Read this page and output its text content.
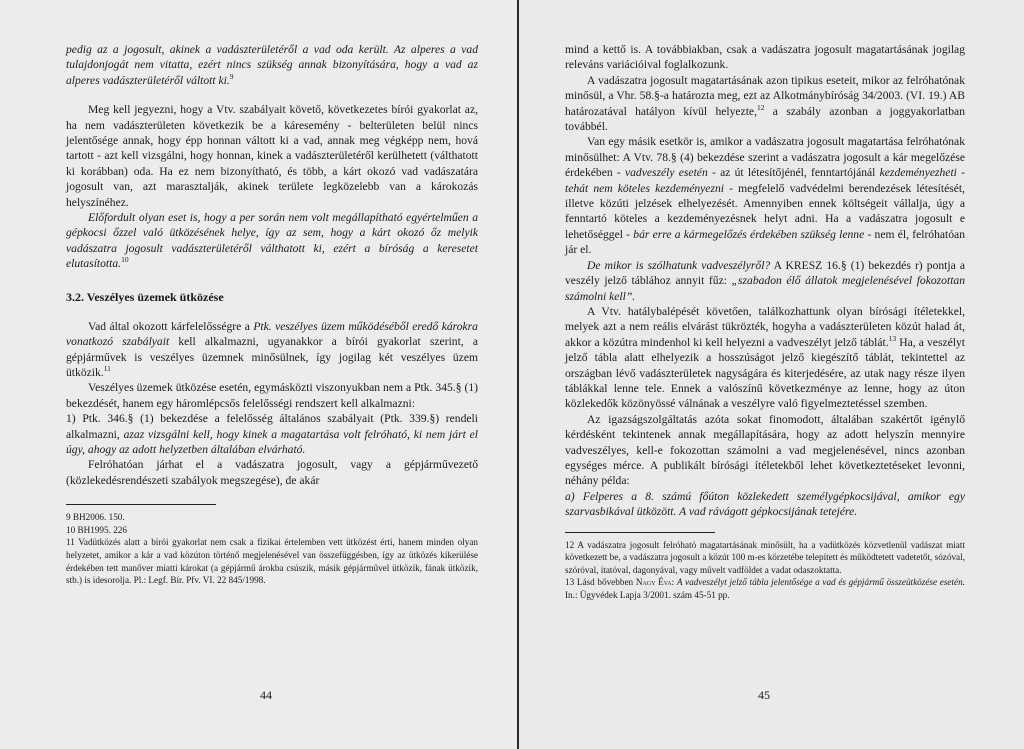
pedig az a jogosult, akinek a vadászterületéről a vad oda került. Az alperes a vad tulajdonjogát nem vitatta, ezért nincs szükség annak bizonyítására, hogy a vad az alperes vadászterületéről váltott ki.$^9$

Meg kell jegyezni, hogy a Vtv. szabályait követő, következetes bírói gyakorlat az, ha nem vadászterületen következik be a káresemény - belterületen belül nincs jelentősége annak, hogy épp honnan váltott ki a vad, annak meg végképp nem, hová tartott - azt kell vizsgálni, hogy honnan, kinek a vadászterületéről kerülhetett (válthatott ki korábban) oda. Ha ez nem bizonyítható, és több, a kárt okozó vad vadászatára jogosult van, azt marasztalják, akinek területe legközelebb van a károkozás helyszínéhez.

Előfordult olyan eset is, hogy a per során nem volt megállapítható egyértelműen a gépkocsi őzzel való ütközésének helye, így az sem, hogy a kárt okozó őz melyik vadászatra jogosult vadászterületéről válthatott ki, ezért a bíróság a keresetet elutasította.$^{10}$

3.2. Veszélyes üzemek ütközése

Vad által okozott kárfelelősségre a Ptk. veszélyes üzem működéséből eredő károkra vonatkozó szabályait kell alkalmazni, ugyanakkor a bírói gyakorlat szerint, a gépjárművek is veszélyes üzemnek minősülnek, így jogilag két veszélyes üzem ütközik.$^{11}$

Veszélyes üzemek ütközése esetén, egymásközti viszonyukban nem a Ptk. 345.§ (1) bekezdését, hanem egy háromlépcsős felelősségi rendszert kell alkalmazni:

1) Ptk. 346.§ (1) bekezdése a felelősség általános szabályait (Ptk. 339.§) rendeli alkalmazni, azaz vizsgálni kell, hogy kinek a magatartása volt felróható, ki nem járt el úgy, ahogy az adott helyzetben általában elvárható.

Felróhatóan járhat el a vadászatra jogosult, vagy a gépjárművezető (közlekedésrendészeti szabályok megszegése), de akár

9 BH2006. 150.

10 BH1995. 226

11 Vadütközés alatt a bírói gyakorlat nem csak a fizikai értelemben vett ütközést érti, hanem minden olyan helyzetet, amikor a kár a vad közúton történő megjelenésével van összefüggésben, így az ütközés kikerülése érdekében tett manőver miatti károkat (a gépjármű árokba csúszik, másik gépjárművel ütközik, fának ütközik, stb.) is idesorolja. Pl.: Legf. Bír. Pfv. VI. 22 845/1998.

44

mind a kettő is. A továbbiakban, csak a vadászatra jogosult magatartásának jogilag releváns variációival foglalkozunk.

A vadászatra jogosult magatartásának azon tipikus eseteit, mikor az felróhatónak minősül, a Vhr. 58.§-a határozta meg, ezt az Alkotmánybíróság 34/2003. (VI. 19.) AB határozatával hatályon kívül helyezte,$^{12}$ a szabály azonban a joggyakorlatban továbbél.

Van egy másik esetkör is, amikor a vadászatra jogosult magatartása felróhatónak minősülhet: A Vtv. 78.§ (4) bekezdése szerint a vadászatra jogosult a kár megelőzése érdekében - vadveszély esetén - az út létesítőjénél, fenntartójánál kezdeményezheti - tehát nem köteles kezdeményezni - megfelelő vadvédelmi berendezések létesítését, illetve közúti jelzések elhelyezését. Amennyiben ennek költségeit vállalja, úgy a fenntartó köteles a kezdeményezésnek helyt adni. Ha a vadászatra jogosult e lehetőséggel - bár erre a kármegelőzés érdekében szükség lenne - nem él, felróhatóan jár el.

De mikor is szólhatunk vadveszélyről? A KRESZ 16.§ (1) bekezdés r) pontja a veszély jelző táblához annyit fűz: „szabadon élő állatok megjelenésével fokozottan számolni kell”.

A Vtv. hatálybalépését követően, találkozhattunk olyan bírósági ítéletekkel, melyek azt a nem reális elvárást tükrözték, hogyha a vadászterületen közút halad át, akkor a közútra mindenhol ki kell helyezni a vadveszélyt jelző táblát.$^{13}$ Ha, a veszélyt jelző tábla alatt elhelyezik a hosszúságot jelző kiegészítő táblát, tekintettel az országban lévő vadászterületek nagyságára és kiterjedésére, az utak nagy része ilyen táblákkal lenne tele. Ennek a valószínű következménye az lenne, hogy az úton közlekedők közönyössé válnának a veszélyre való figyelmeztetéssel szemben.

Az igazságszolgáltatás azóta sokat finomodott, általában szakértőt igénylő kérdésként tekintenek annak megállapítására, hogy az adott helyszín mennyire vadveszélyes, kell-e fokozottan számolni a vad megjelenésével, nincs azonban egységes mérce. A publikált bírósági ítéletekből lehet következtetéseket levonni, néhány példa:

a) Felperes a 8. számú főúton közlekedett személygépkocsijával, amikor egy szarvasbikával ütközött. A vad rávágott gépkocsijának tetejére.

12 A vadászatra jogosult felróható magatartásának minősült, ha a vadütközés közvetlenül vadászat miatt következett be, a vadászatra jogosult a közút 100 m-es körzetébe telepített és működtetett vadetetőt, sózóval, szóróval, itatóval, dagonyával, vagy művelt vadföldet a vadat odaszoktatta.

13 Lásd bővebben Nagy Éva: A vadveszélyt jelző tábla jelentősége a vad és gépjármű összeütközése esetén. In.: Ügyvédek Lapja 3/2001. szám 45-51 pp.

45
